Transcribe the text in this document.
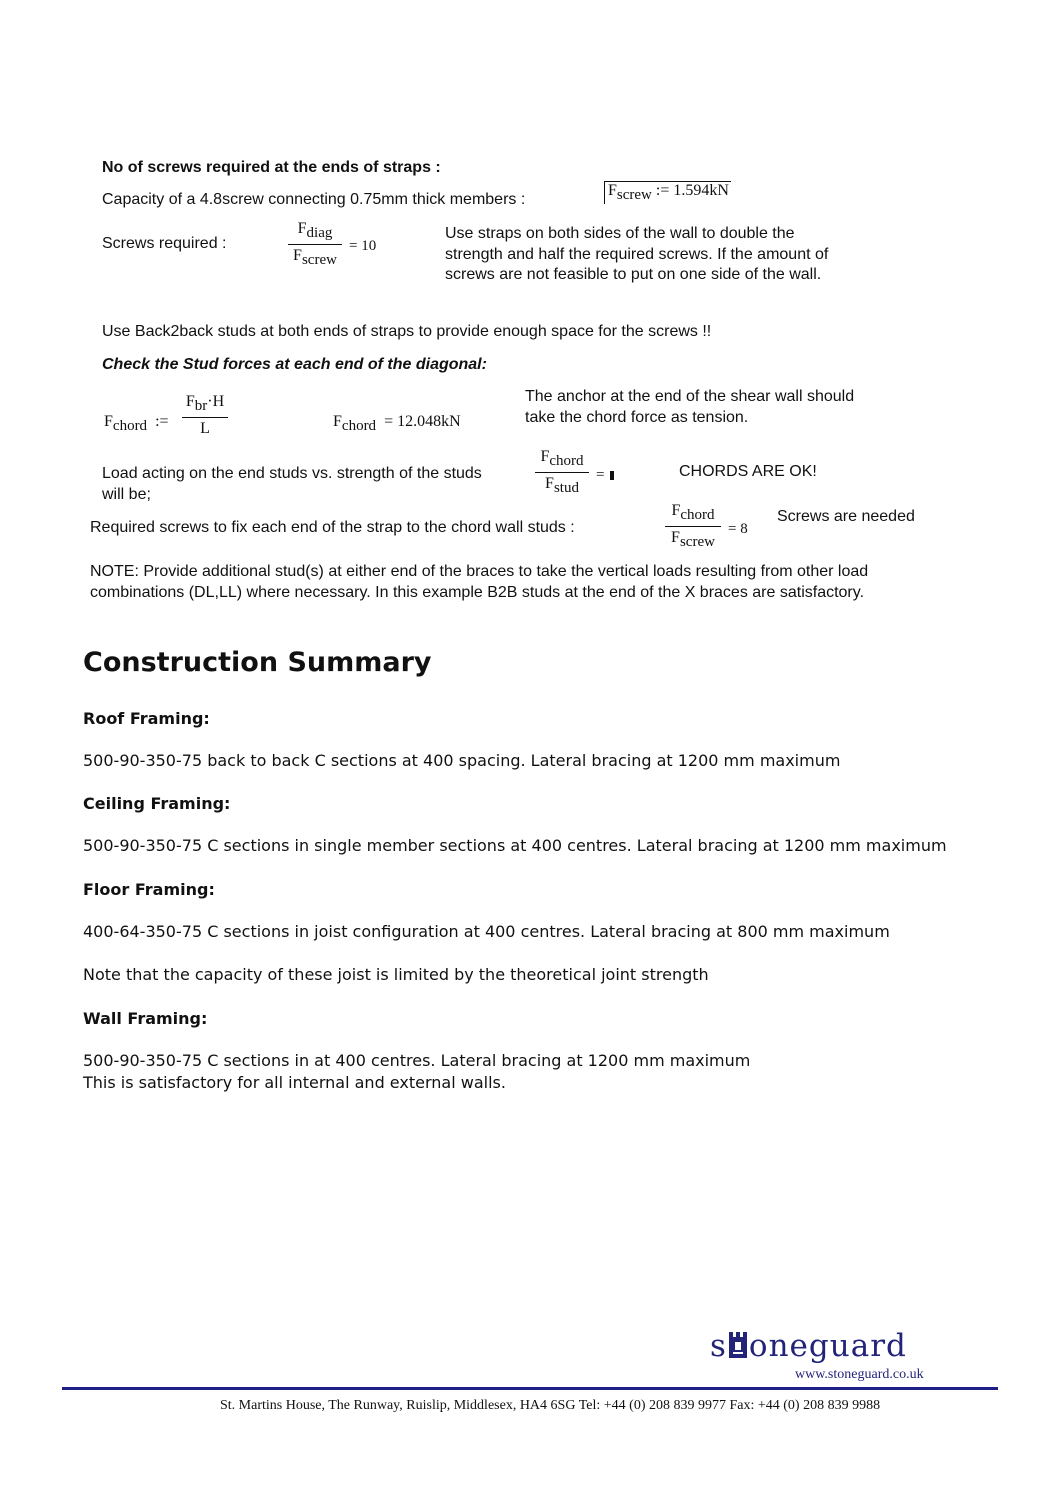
No of screws required at the ends of straps :
Capacity of a 4.8screw connecting 0.75mm thick members :
$F_{screw}$ := 1.594kN
Screws required :
$F_{diag}$
$F_{screw}$
= 10
Use straps on both sides of the wall to double the
strength and half the required screws. If the amount of
screws are not feasible to put on one side of the wall.
Use Back2back studs at both ends of straps to provide enough space for the screws !!
Check the Stud forces at each end of the diagonal:
$F_{chord}$ :=
$F_{br}\cdot H$
L	$F_{chord} = 12.048kN$
The anchor at the end of the shear wall should
take the chord force as tension.
Load acting on the end studs vs. strength of the studs
will be;
$F_{chord}$
$F_{stud}$
=	CHORDS ARE OK!
Required screws to fix each end of the strap to the chord wall studs :
$F_{chord}$
$F_{screw}$
= 8
Screws are needed
NOTE: Provide additional stud(s) at either end of the braces to take the vertical loads resulting from other load
combinations (DL,LL) where necessary. In this example B2B studs at the end of the X braces are satisfactory.
Construction Summary
Roof Framing:
500-90-350-75 back to back C sections at 400 spacing. Lateral bracing at 1200 mm maximum
Ceiling Framing:
500-90-350-75 C sections in single member sections at 400 centres. Lateral bracing at 1200 mm maximum
Floor Framing:
400-64-350-75 C sections in joist configuration at 400 centres. Lateral bracing at 800 mm maximum
Note that the capacity of these joist is limited by the theoretical joint strength
Wall Framing:
500-90-350-75 C sections in at 400 centres. Lateral bracing at 1200 mm maximum
This is satisfactory for all internal and external walls.
s oneguard
www.stoneguard.co.uk
St. Martins House, The Runway, Ruislip, Middlesex, HA4 6SG Tel: +44 (0) 208 839 9977 Fax: +44 (0) 208 839 9988
